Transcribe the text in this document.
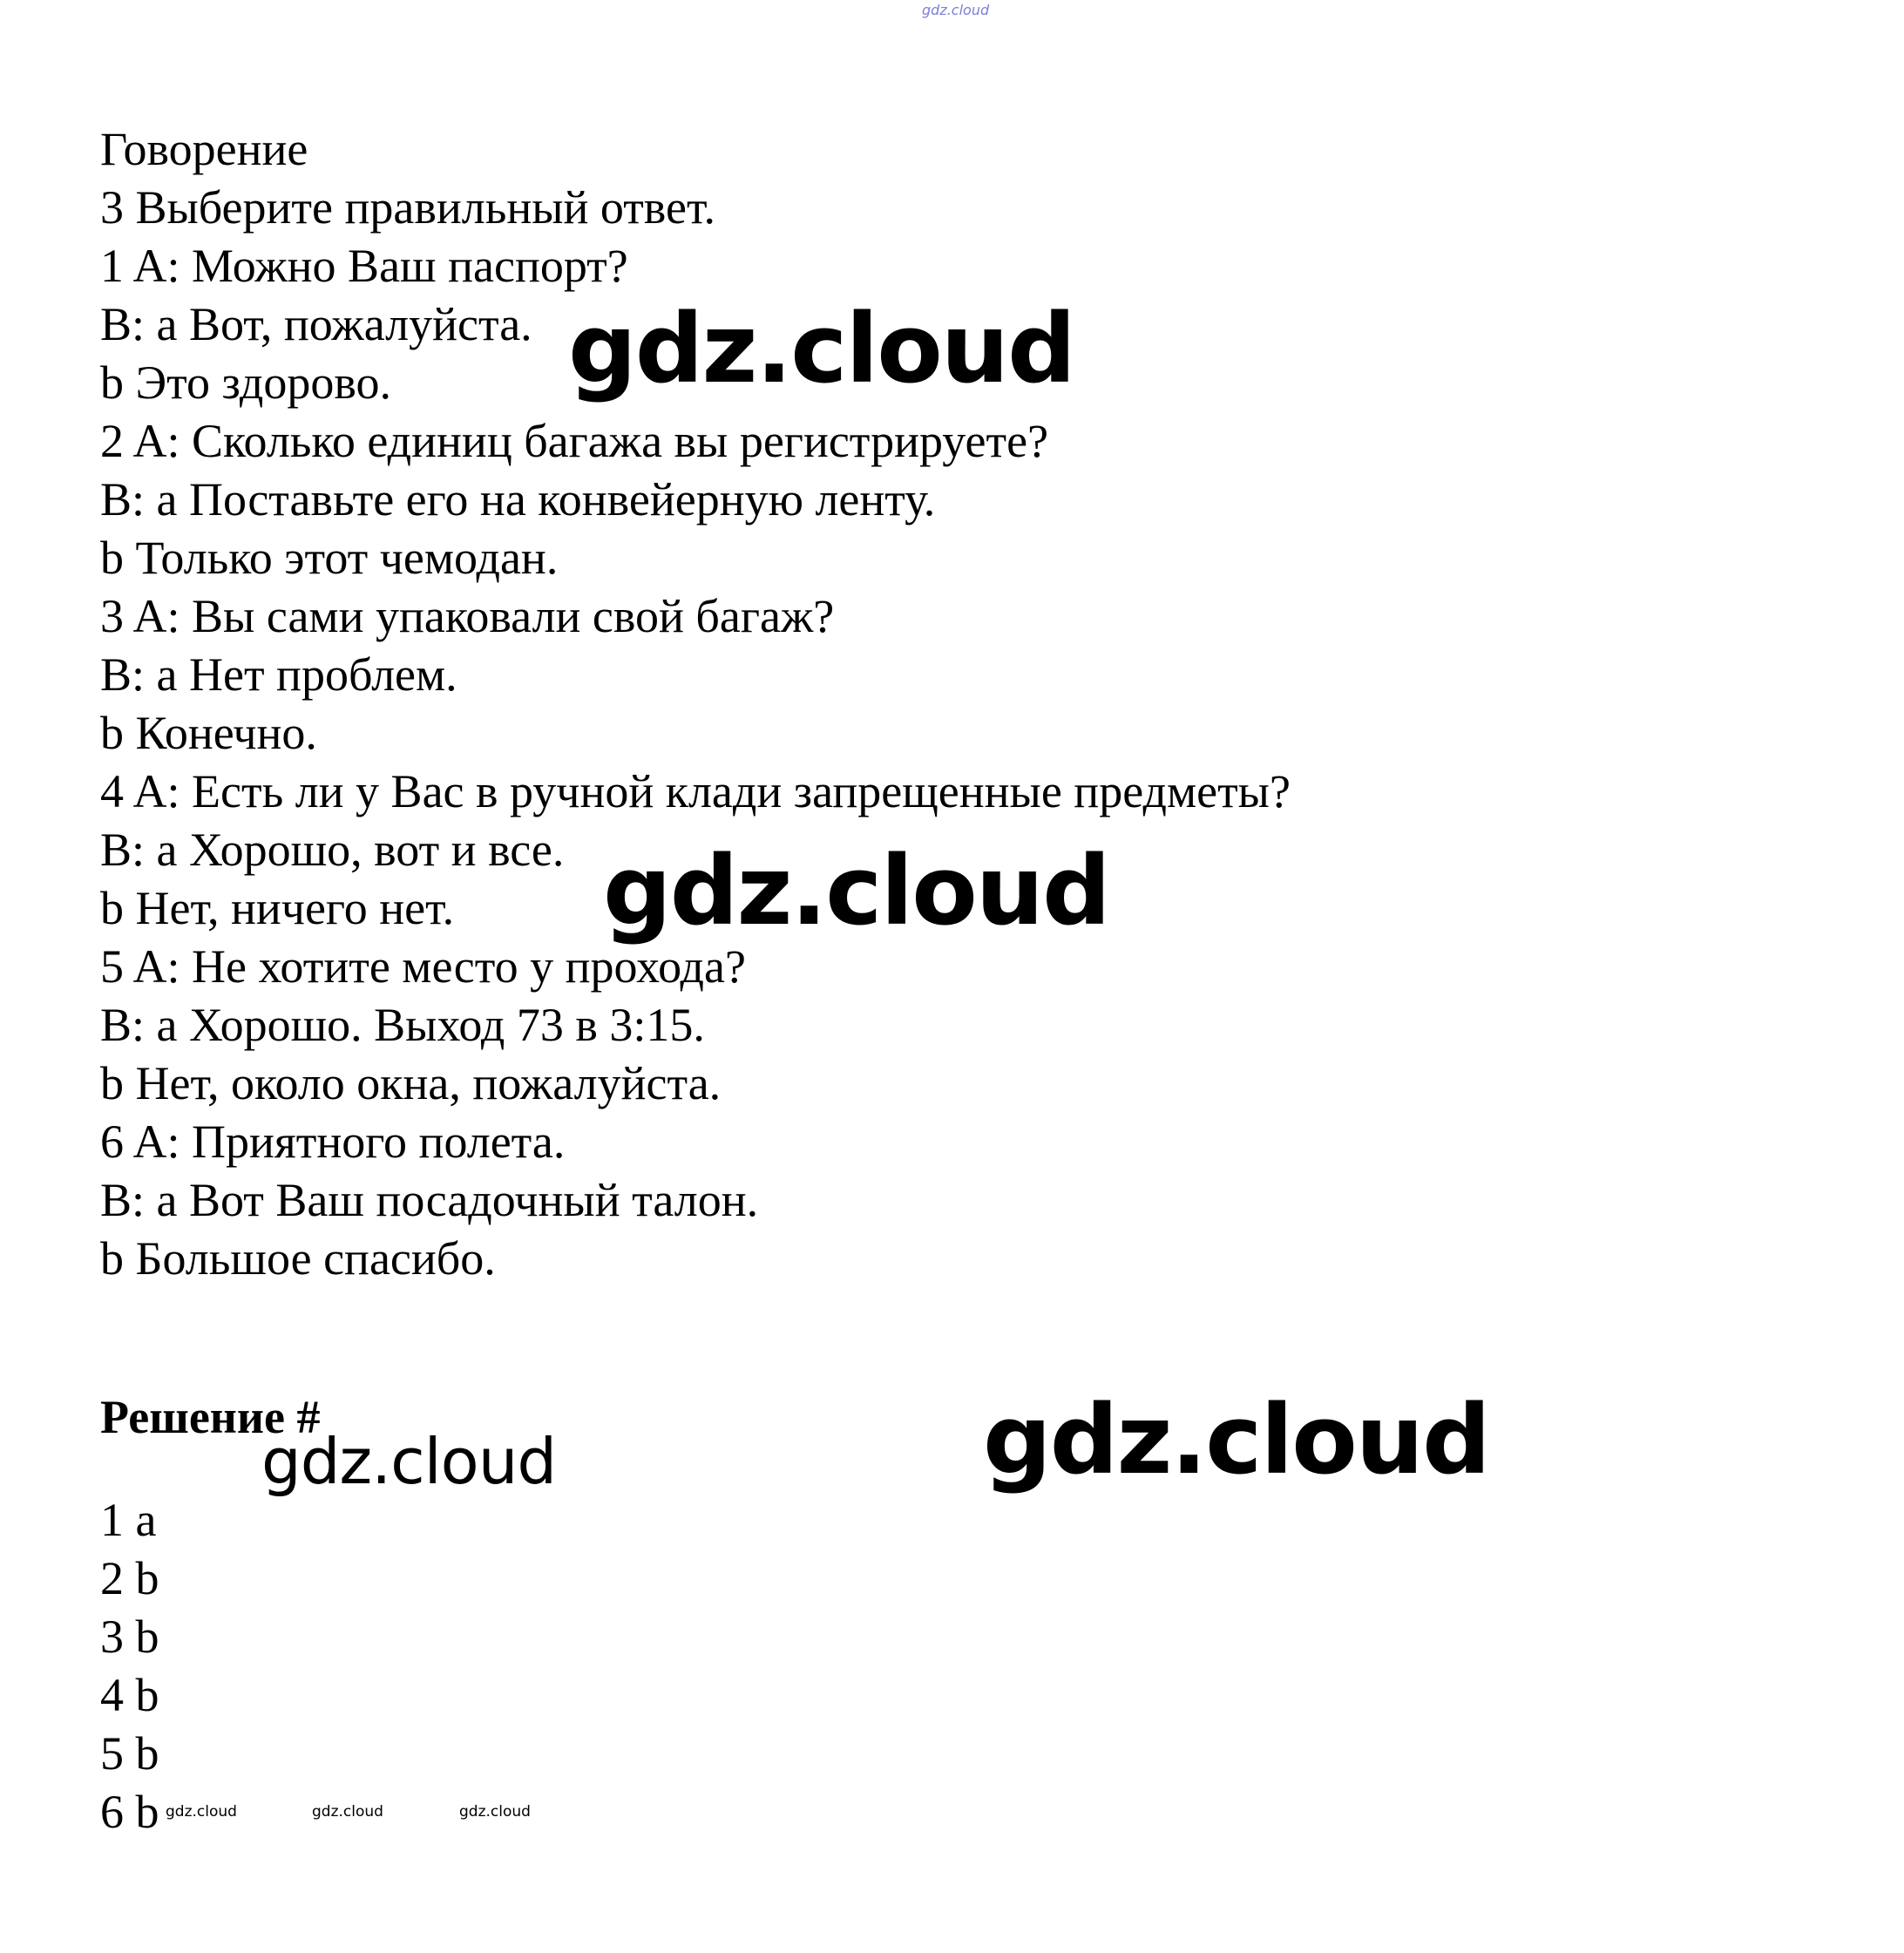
gdz.cloud
Говорение
3 Выберите правильный ответ.
1 A: Можно Ваш паспорт?
B: a Вот, пожалуйста.
b Это здорово.
2 A: Сколько единиц багажа вы регистрируете?
B: a Поставьте его на конвейерную ленту.
b Только этот чемодан.
3 A: Вы сами упаковали свой багаж?
B: a Нет проблем.
b Конечно.
4 A: Есть ли у Вас в ручной клади запрещенные предметы?
B: a Хорошо, вот и все.
b Нет, ничего нет.
5 A: Не хотите место у прохода?
B: a Хорошо. Выход 73 в 3:15.
b Нет, около окна, пожалуйста.
6 A: Приятного полета.
B: a Вот Ваш посадочный талон.
b Большое спасибо.
Решение #
1 a
2 b
3 b
4 b
5 b
6 b
gdz.cloud
gdz.cloud
gdz.cloud
gdz.cloud
gdz.cloud	gdz.cloud	gdz.cloud
